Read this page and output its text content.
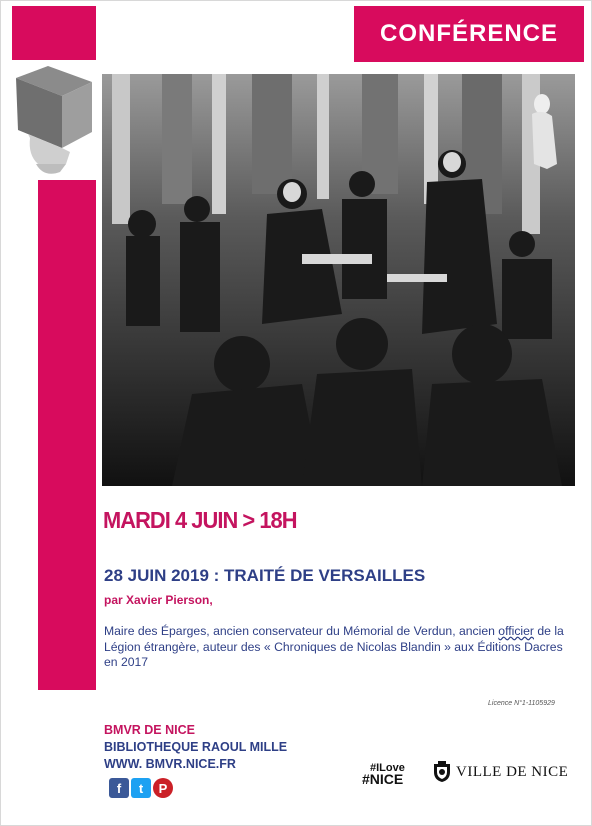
CONFÉRENCE
MARDI 4 JUIN > 18H
28 JUIN 2019 : TRAITÉ DE VERSAILLES
par Xavier Pierson,
Maire des Éparges, ancien conservateur du Mémorial de Verdun, ancien officier de la Légion étrangère, auteur des « Chroniques de Nicolas Blandin » aux Éditions Dacres en 2017
Licence N°1-1105929
BMVR DE NICE
BIBLIOTHEQUE RAOUL MILLE
WWW. BMVR.NICE.FR
f	t	P
#ILove
#NICE	VILLE DE NICE
